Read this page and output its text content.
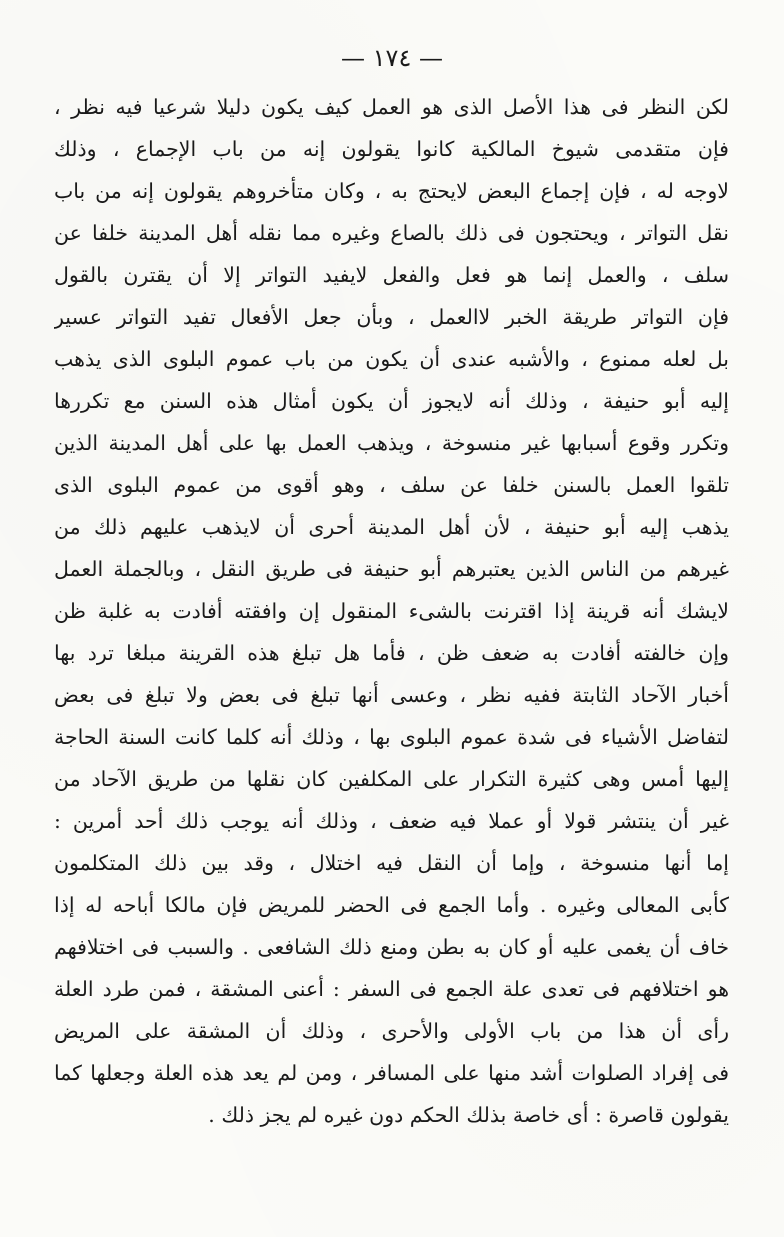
— ١٧٤ —
لكن النظر فى هذا الأصل الذى هو العمل كيف يكون دليلا شرعيا فيه نظر ،
فإن متقدمى شيوخ المالكية كانوا يقولون إنه من باب الإجماع ، وذلك
لاوجه له ، فإن إجماع البعض لايحتج به ، وكان متأخروهم يقولون إنه من باب
نقل التواتر ، ويحتجون فى ذلك بالصاع وغيره مما نقله أهل المدينة خلفا عن
سلف ، والعمل إنما هو فعل والفعل لايفيد التواتر إلا أن يقترن بالقول
فإن التواتر طريقة الخبر لاالعمل ، وبأن جعل الأفعال تفيد التواتر عسير
بل لعله ممنوع ، والأشبه عندى أن يكون من باب عموم البلوى الذى يذهب
إليه أبو حنيفة ، وذلك أنه لايجوز أن يكون أمثال هذه السنن مع تكررها
وتكرر وقوع أسبابها غير منسوخة ، ويذهب العمل بها على أهل المدينة الذين
تلقوا العمل بالسنن خلفا عن سلف ، وهو أقوى من عموم البلوى الذى
يذهب إليه أبو حنيفة ، لأن أهل المدينة أحرى أن لايذهب عليهم ذلك من
غيرهم من الناس الذين يعتبرهم أبو حنيفة فى طريق النقل ، وبالجملة العمل
لايشك أنه قرينة إذا اقترنت بالشىء المنقول إن وافقته أفادت به غلبة ظن
وإن خالفته أفادت به ضعف ظن ، فأما هل تبلغ هذه القرينة مبلغا ترد بها
أخبار الآحاد الثابتة ففيه نظر ، وعسى أنها تبلغ فى بعض ولا تبلغ فى بعض
لتفاضل الأشياء فى شدة عموم البلوى بها ، وذلك أنه كلما كانت السنة الحاجة
إليها أمس وهى كثيرة التكرار على المكلفين كان نقلها من طريق الآحاد من
غير أن ينتشر قولا أو عملا فيه ضعف ، وذلك أنه يوجب ذلك أحد أمرين :
إما أنها منسوخة ، وإما أن النقل فيه اختلال ، وقد بين ذلك المتكلمون
كأبى المعالى وغيره . وأما الجمع فى الحضر للمريض فإن مالكا أباحه له إذا
خاف أن يغمى عليه أو كان به بطن ومنع ذلك الشافعى . والسبب فى اختلافهم
هو اختلافهم فى تعدى علة الجمع فى السفر : أعنى المشقة ، فمن طرد العلة
رأى أن هذا من باب الأولى والأحرى ، وذلك أن المشقة على المريض
فى إفراد الصلوات أشد منها على المسافر ، ومن لم يعد هذه العلة وجعلها كما
يقولون قاصرة : أى خاصة بذلك الحكم دون غيره لم يجز ذلك .
